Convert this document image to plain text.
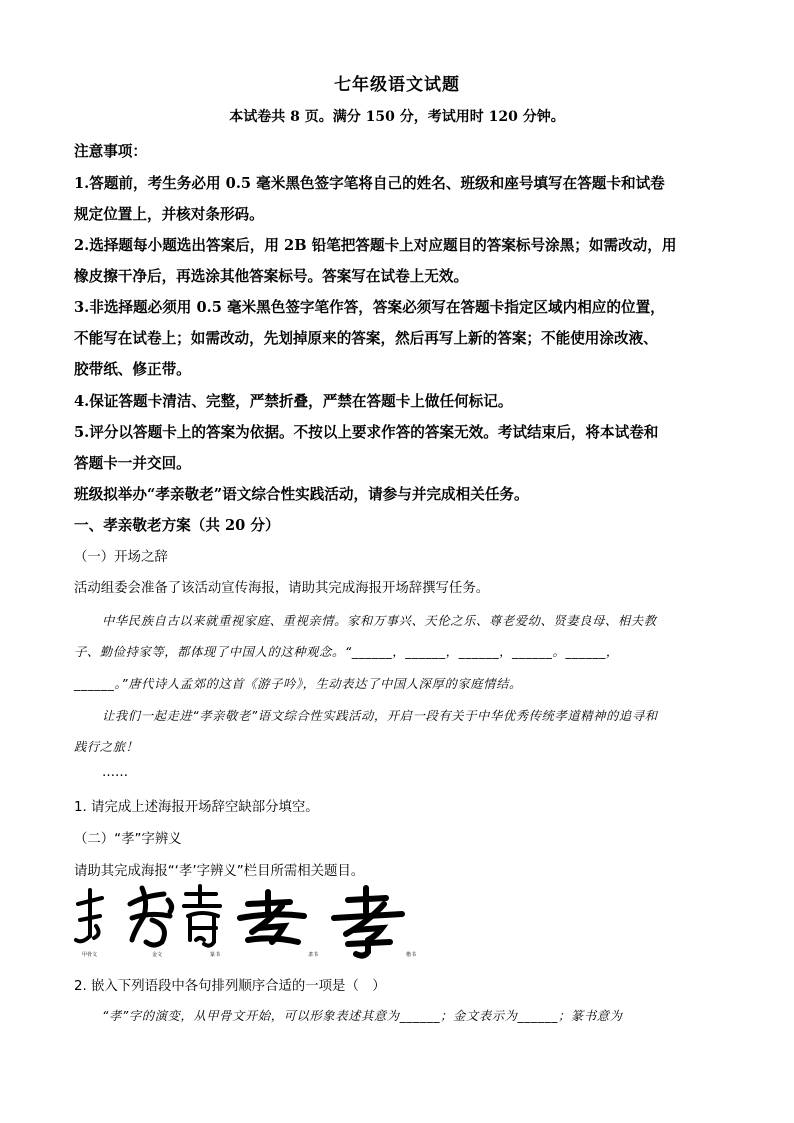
七年级语文试题
本试卷共 8 页。满分 150 分，考试用时 120 分钟。
注意事项：
1.答题前，考生务必用 0.5 毫米黑色签字笔将自己的姓名、班级和座号填写在答题卡和试卷
规定位置上，并核对条形码。
2.选择题每小题选出答案后，用 2B 铅笔把答题卡上对应题目的答案标号涂黑；如需改动，用
橡皮擦干净后，再选涂其他答案标号。答案写在试卷上无效。
3.非选择题必须用 0.5 毫米黑色签字笔作答，答案必须写在答题卡指定区域内相应的位置，
不能写在试卷上；如需改动，先划掉原来的答案，然后再写上新的答案；不能使用涂改液、
胶带纸、修正带。
4.保证答题卡清洁、完整，严禁折叠，严禁在答题卡上做任何标记。
5.评分以答题卡上的答案为依据。不按以上要求作答的答案无效。考试结束后，将本试卷和
答题卡一并交回。
班级拟举办“孝亲敬老”语文综合性实践活动，请参与并完成相关任务。
一、孝亲敬老方案（共 20 分）
（一）开场之辞
活动组委会准备了该活动宣传海报，请助其完成海报开场辞撰写任务。
中华民族自古以来就重视家庭、重视亲情。家和万事兴、天伦之乐、尊老爱幼、贤妻良母、相夫教
子、勤俭持家等，都体现了中国人的这种观念。“______，______，______，______。______，
______。”唐代诗人孟郊的这首《游子吟》，生动表达了中国人深厚的家庭情结。
让我们一起走进“孝亲敬老”语文综合性实践活动，开启一段有关于中华优秀传统孝道精神的追寻和
践行之旅！
……
1. 请完成上述海报开场辞空缺部分填空。
（二）“孝”字辨义
请助其完成海报“‘孝’字辨义”栏目所需相关题目。
甲骨文	金文	篆书	隶书	楷书
2. 嵌入下列语段中各句排列顺序合适的一项是（　）
“孝”字的演变，从甲骨文开始，可以形象表述其意为______；金文表示为______；篆书意为
